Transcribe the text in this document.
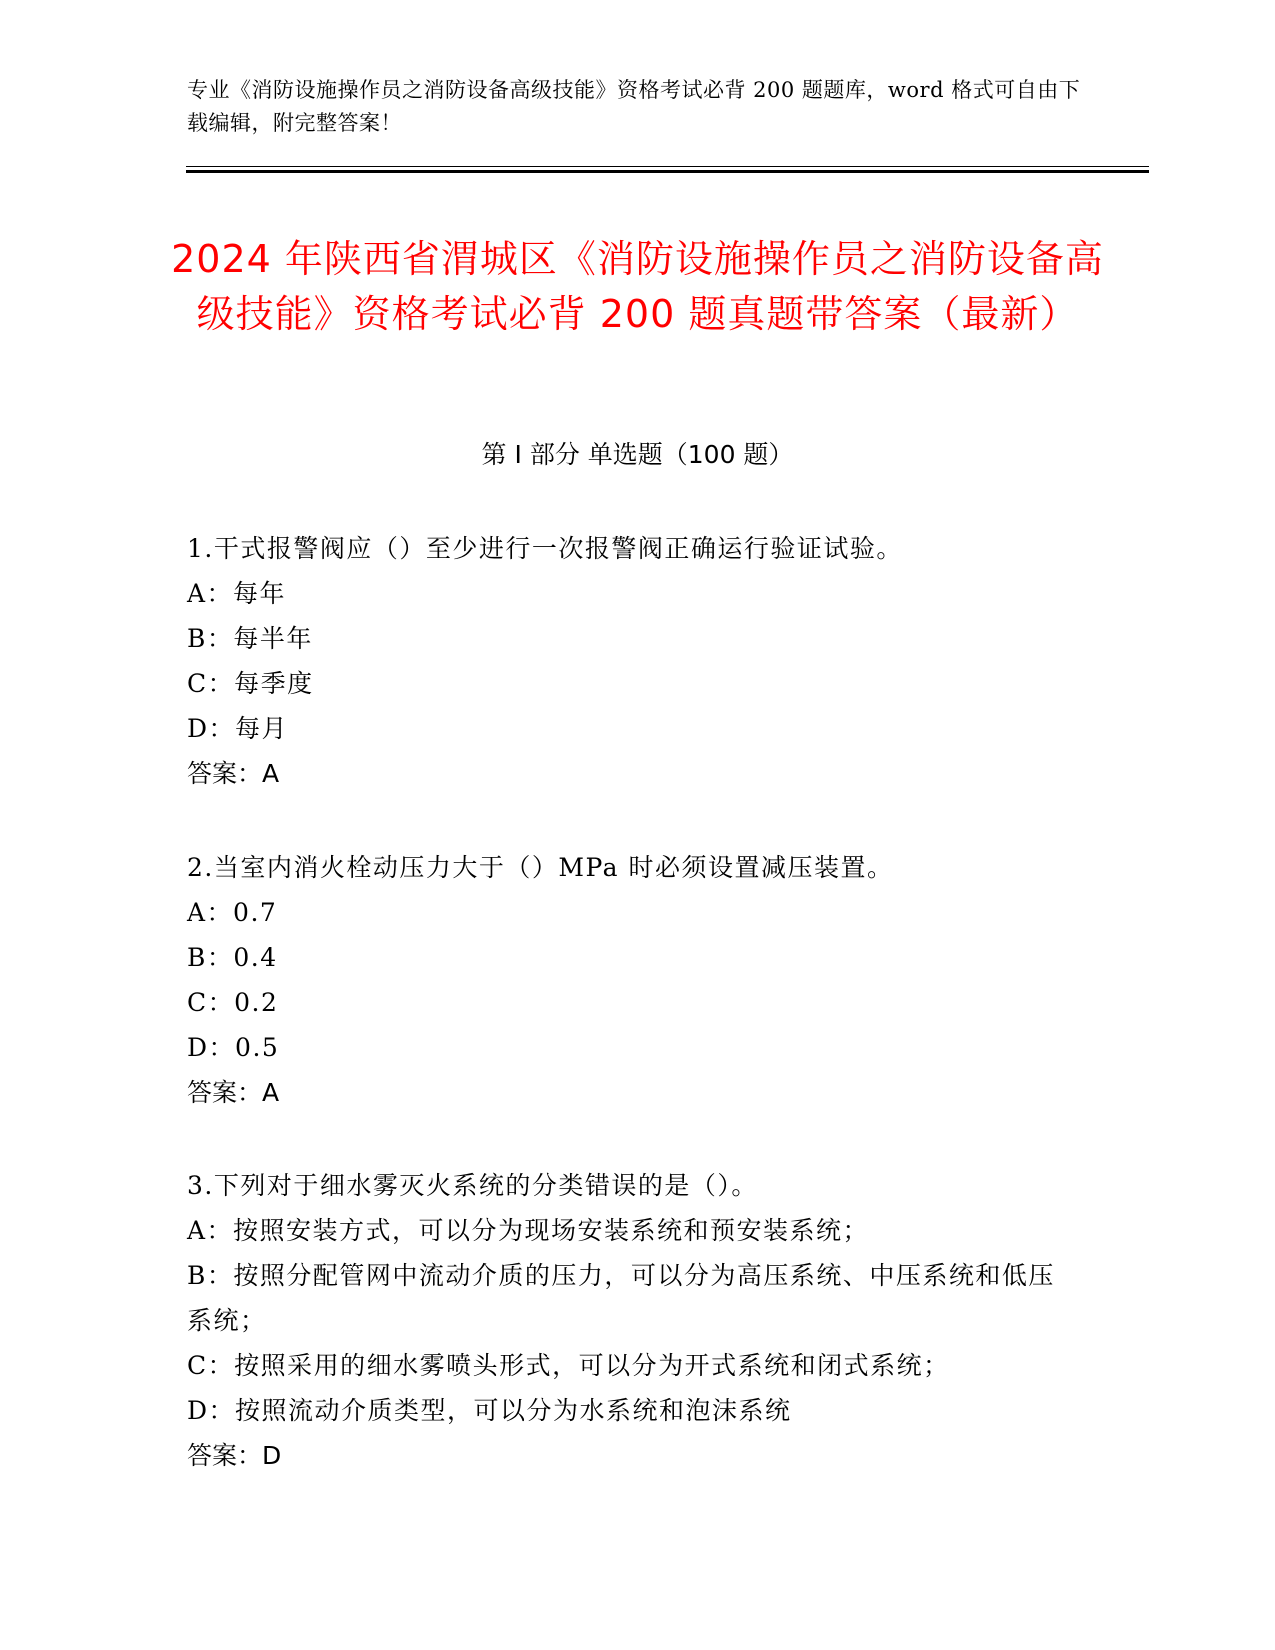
专业《消防设施操作员之消防设备高级技能》资格考试必背 200 题题库，word 格式可自由下载编辑，附完整答案！
2024 年陕西省渭城区《消防设施操作员之消防设备高级技能》资格考试必背 200 题真题带答案（最新）
第 I 部分 单选题（100 题）
1.干式报警阀应（）至少进行一次报警阀正确运行验证试验。
A：每年
B：每半年
C：每季度
D：每月
答案：A
2.当室内消火栓动压力大于（）MPa 时必须设置减压装置。
A：0.7
B：0.4
C：0.2
D：0.5
答案：A
3.下列对于细水雾灭火系统的分类错误的是（）。
A：按照安装方式，可以分为现场安装系统和预安装系统；
B：按照分配管网中流动介质的压力，可以分为高压系统、中压系统和低压系统；
C：按照采用的细水雾喷头形式，可以分为开式系统和闭式系统；
D：按照流动介质类型，可以分为水系统和泡沫系统
答案：D
